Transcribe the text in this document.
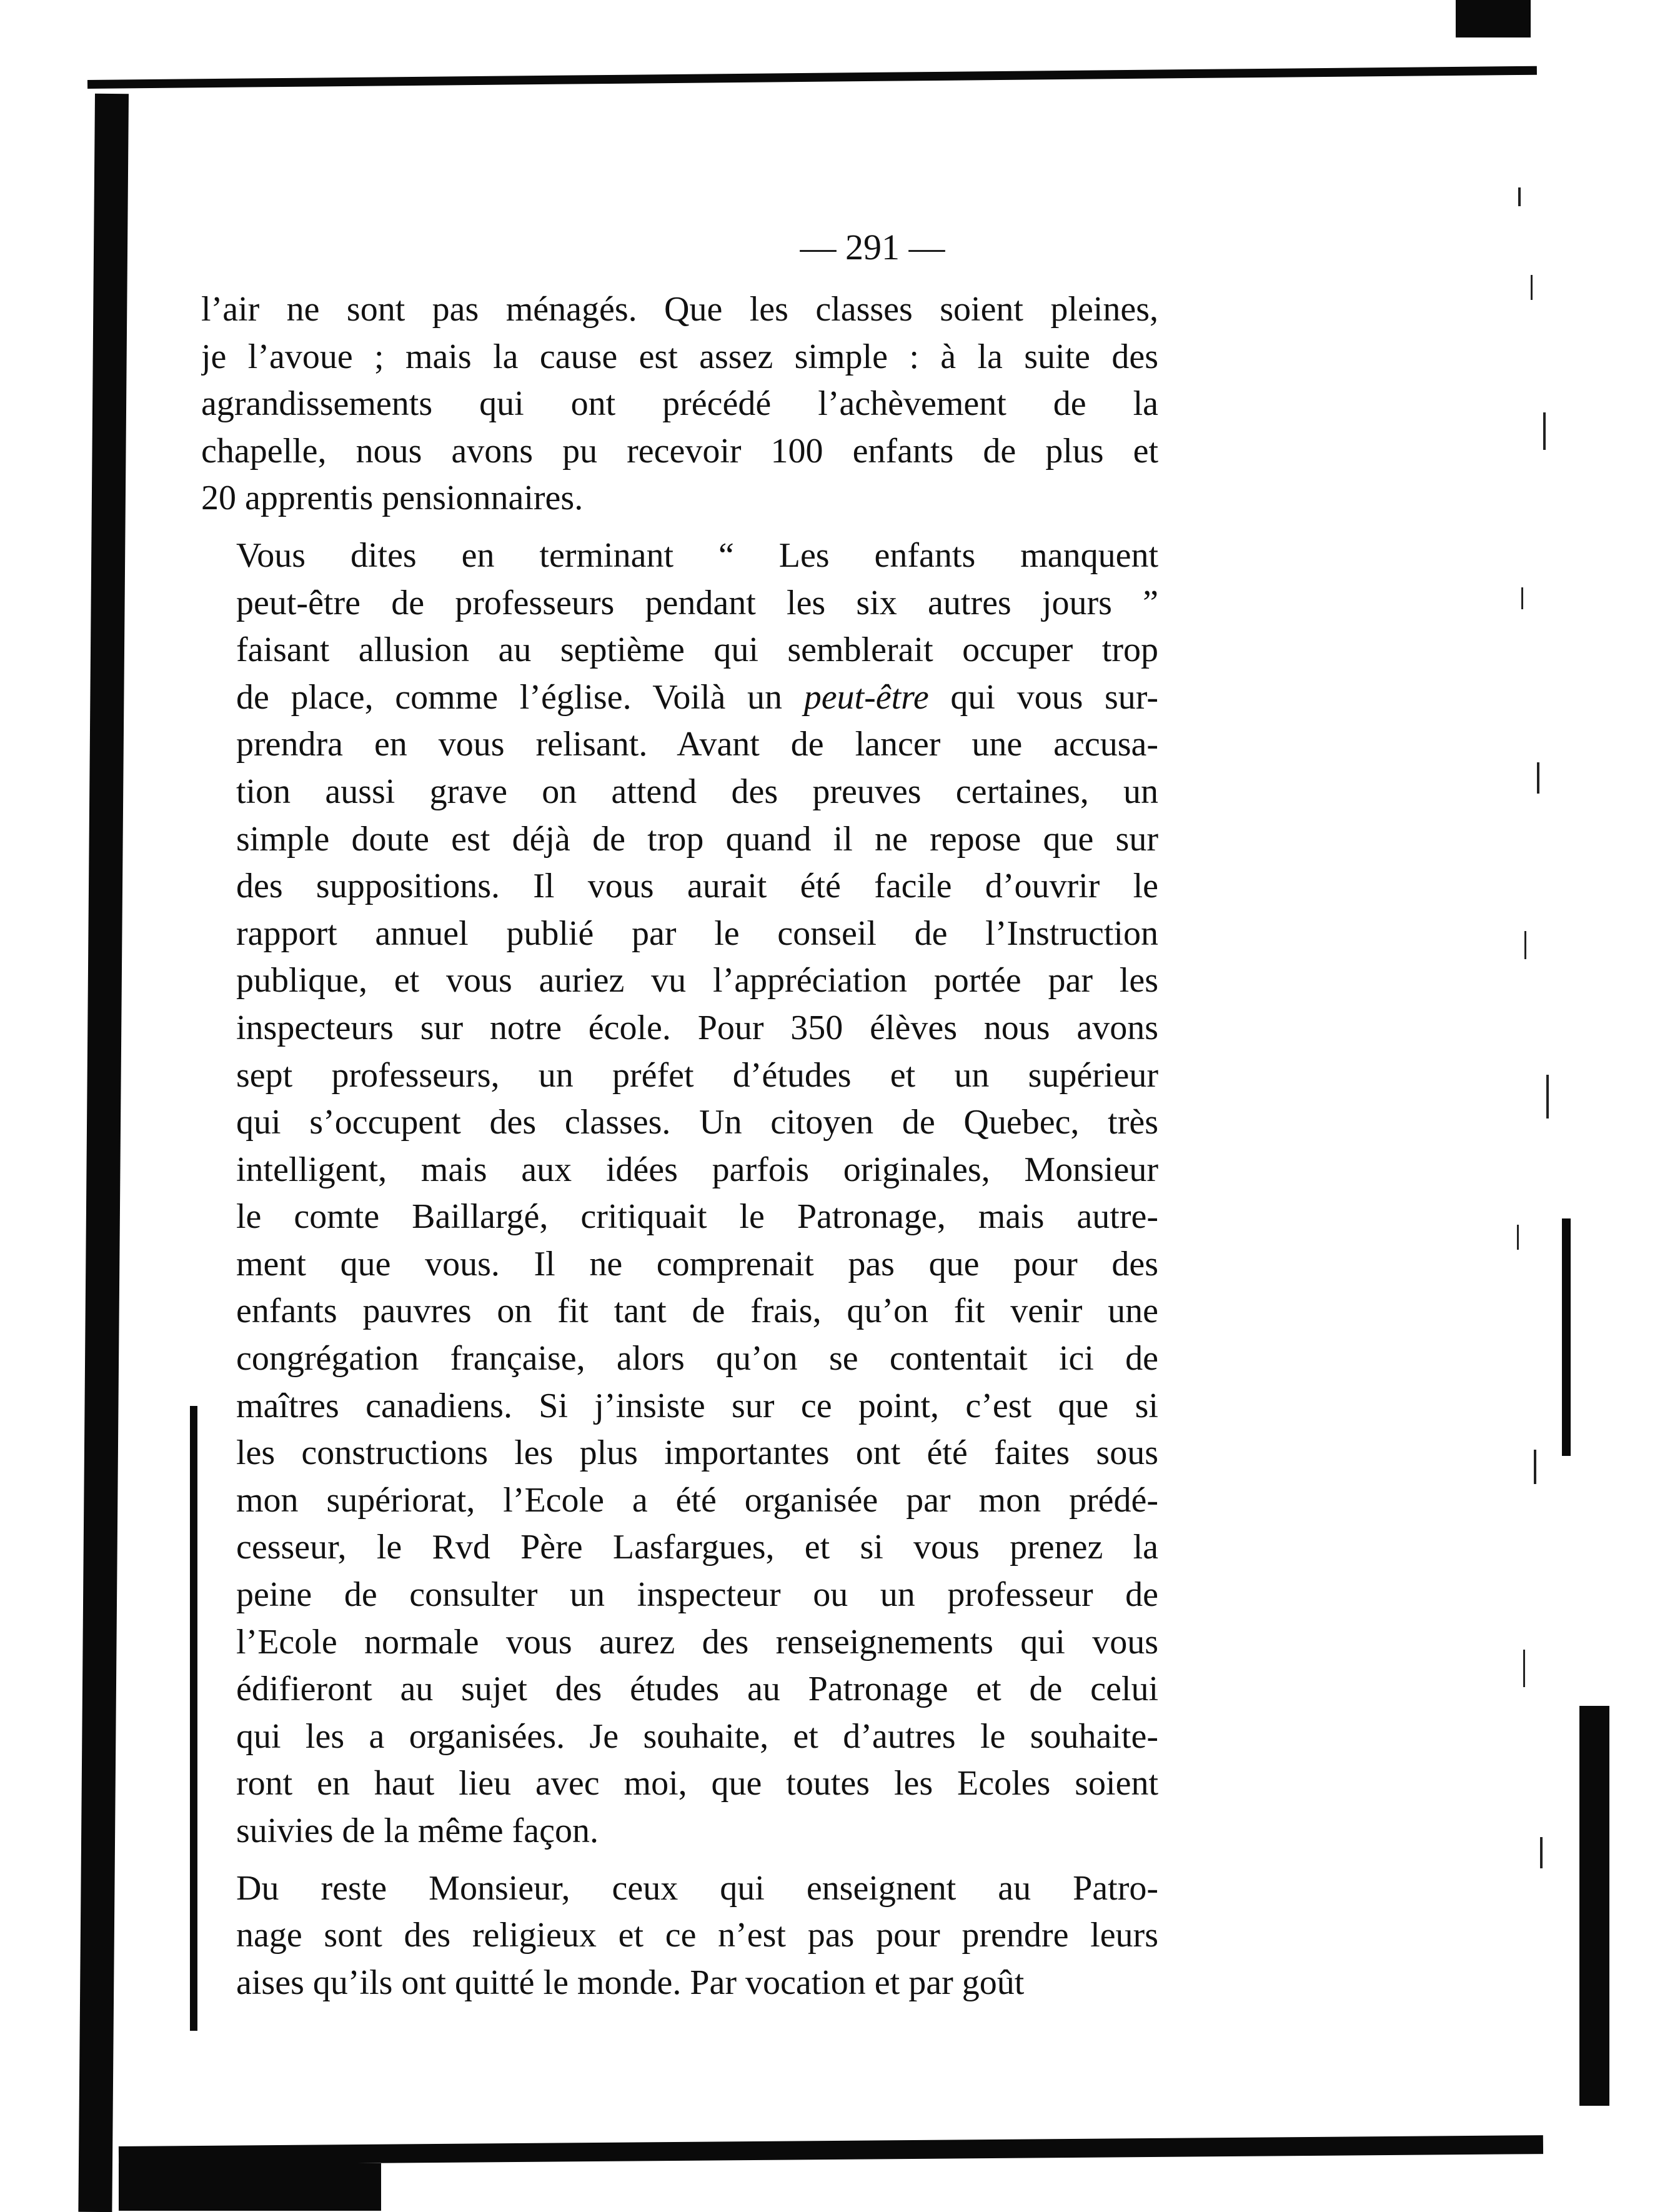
— 291 —
l’air ne sont pas ménagés. Que les classes soient pleines,
je l’avoue ; mais la cause est assez simple : à la suite des
agrandissements qui ont précédé l’achèvement de la
chapelle, nous avons pu recevoir 100 enfants de plus et
20 apprentis pensionnaires.
Vous dites en terminant “ Les enfants manquent
peut-être de professeurs pendant les six autres jours ”
faisant allusion au septième qui semblerait occuper trop
de place, comme l’église. Voilà un peut-être qui vous sur-
prendra en vous relisant. Avant de lancer une accusa-
tion aussi grave on attend des preuves certaines, un
simple doute est déjà de trop quand il ne repose que sur
des suppositions. Il vous aurait été facile d’ouvrir le
rapport annuel publié par le conseil de l’Instruction
publique, et vous auriez vu l’appréciation portée par les
inspecteurs sur notre école. Pour 350 élèves nous avons
sept professeurs, un préfet d’études et un supérieur
qui s’occupent des classes. Un citoyen de Quebec, très
intelligent, mais aux idées parfois originales, Monsieur
le comte Baillargé, critiquait le Patronage, mais autre-
ment que vous. Il ne comprenait pas que pour des
enfants pauvres on fit tant de frais, qu’on fit venir une
congrégation française, alors qu’on se contentait ici de
maîtres canadiens. Si j’insiste sur ce point, c’est que si
les constructions les plus importantes ont été faites sous
mon supériorat, l’Ecole a été organisée par mon prédé-
cesseur, le Rvd Père Lasfargues, et si vous prenez la
peine de consulter un inspecteur ou un professeur de
l’Ecole normale vous aurez des renseignements qui vous
édifieront au sujet des études au Patronage et de celui
qui les a organisées. Je souhaite, et d’autres le souhaite-
ront en haut lieu avec moi, que toutes les Ecoles soient
suivies de la même façon.
Du reste Monsieur, ceux qui enseignent au Patro-
nage sont des religieux et ce n’est pas pour prendre leurs
aises qu’ils ont quitté le monde. Par vocation et par goût
